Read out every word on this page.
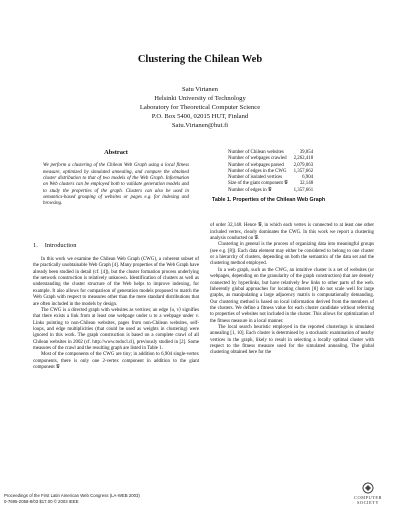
Clustering the Chilean Web
Satu Virtanen
Helsinki University of Technology
Laboratory for Theoretical Computer Science
P.O. Box 5400, 02015 HUT, Finland
Satu.Virtanen@hut.fi
Abstract
We perform a clustering of the Chilean Web Graph using a local fitness measure, optimized by simulated annealing, and compare the obtained cluster distribution to that of two models of the Web Graph. Information on Web clusters can be employed both to validate generation models and to study the properties of the graph. Clusters can also be used in semantics-based grouping of websites or pages e.g. for indexing and browsing.
1. Introduction

In this work we examine the Chilean Web Graph (CWG), a coherent subset of the practically unobtainable Web Graph [4]. Many properties of the Web Graph have already been studied in detail (cf. [4]), but the cluster formation process underlying the network construction is relatively unknown. Identification of clusters as well as understanding the cluster structure of the Web helps to improve indexing, for example. It also allows for comparison of generation models proposed to match the Web Graph with respect to measures other than the mere standard distributions that are often included in the models by design.

The CWG is a directed graph with websites as vertices; an edge ⟨u, v⟩ signifies that there exists a link from at least one webpage under u to a webpage under v. Links pointing to non-Chilean websites, pages from non-Chilean websites, self-loops, and edge multiplicities (that could be used as weights in clustering) were ignored in this work. The graph construction is based on a complete crawl of all Chilean websites in 2002 (cf. http://www.todocl.cl), previously studied in [2]. Some measures of the crawl and the resulting graph are listed in Table 1.

Most of the components of the CWG are tiny; in addition to 6,904 single-vertex components, there is only one 2-vertex component in addition to the giant component 𝒢

Number of Chilean websites	39,054
Number of webpages crawled	2,262,418
Number of webpages parsed	2,079,063
Number of edges in the CWG	1,357,662
Number of isolated vertices	6,904
Size of the giant component 𝒢	32,148
Number of edges in 𝒢	1,357,661
Table 1. Properties of the Chilean Web Graph

of order 32,148. Hence 𝒢, in which each vertex is connected to at least one other included vertex, clearly dominates the CWG. In this work we report a clustering analysis conducted on 𝒢.

Clustering in general is the process of organizing data into meaningful groups (see e.g. [8]). Each data element may either be considered to belong to one cluster or a hierarchy of clusters, depending on both the semantics of the data set and the clustering method employed.

In a web graph, such as the CWG, an intuitive cluster is a set of websites (or webpages, depending on the granularity of the graph construction) that are densely connected by hyperlinks, but have relatively few links to other parts of the web. Inherently global approaches for locating clusters [8] do not scale well for large graphs, as manipulating a large adjacency matrix is computationally demanding. Our clustering method is based on local information derived from the members of the clusters. We define a fitness value for each cluster candidate without referring to properties of websites not included in the cluster. This allows for optimization of the fitness measure in a local manner.

The local search heuristic employed in the reported clusterings is simulated annealing [1, 10]. Each cluster is determined by a stochastic examination of nearby vertices in the graph, likely to result in selecting a locally optimal cluster with respect to the fitness measure used for the simulated annealing. The global clustering obtained here for the

Proceedings of the First Latin American Web Congress (LA-WEB 2003)
0-7695-2058-8/03 $17.00 © 2003 IEEE
COMPUTER
SOCIETY
